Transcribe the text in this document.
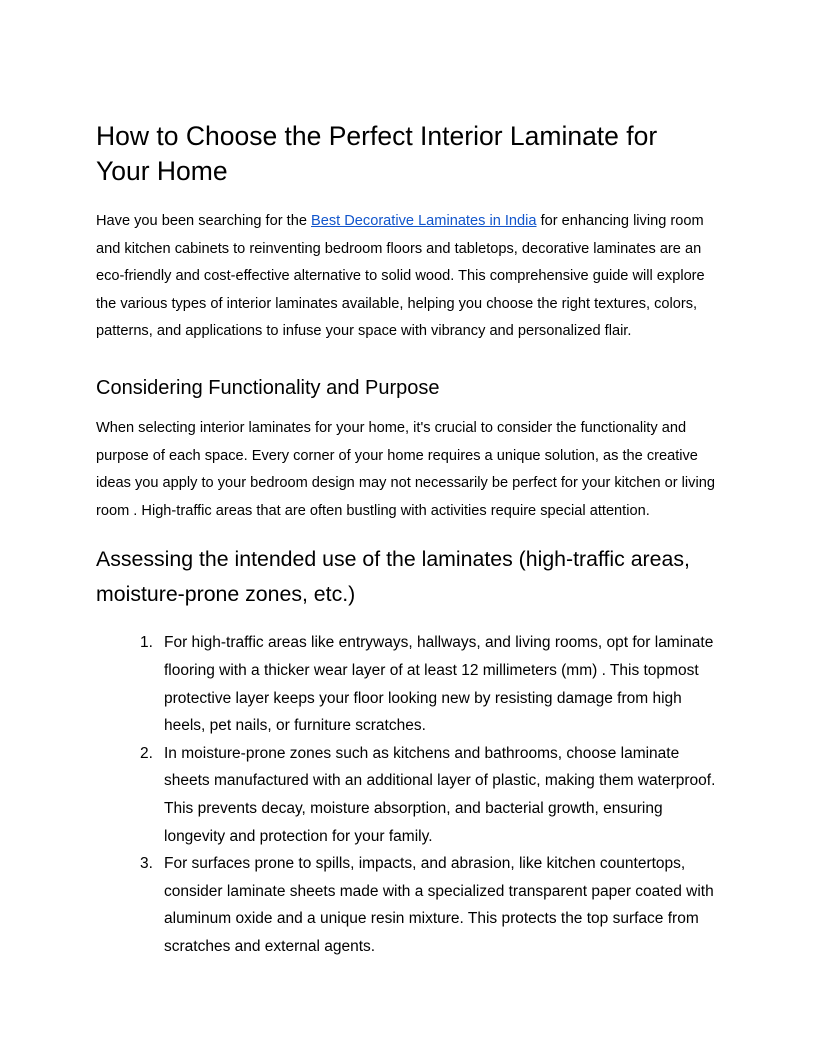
How to Choose the Perfect Interior Laminate for Your Home

Have you been searching for the Best Decorative Laminates in India for enhancing living room and kitchen cabinets to reinventing bedroom floors and tabletops, decorative laminates are an eco-friendly and cost-effective alternative to solid wood. This comprehensive guide will explore the various types of interior laminates available, helping you choose the right textures, colors, patterns, and applications to infuse your space with vibrancy and personalized flair.

Considering Functionality and Purpose

When selecting interior laminates for your home, it's crucial to consider the functionality and purpose of each space. Every corner of your home requires a unique solution, as the creative ideas you apply to your bedroom design may not necessarily be perfect for your kitchen or living room . High-traffic areas that are often bustling with activities require special attention.

Assessing the intended use of the laminates (high-traffic areas, moisture-prone zones, etc.)
1. For high-traffic areas like entryways, hallways, and living rooms, opt for laminate flooring with a thicker wear layer of at least 12 millimeters (mm) . This topmost protective layer keeps your floor looking new by resisting damage from high heels, pet nails, or furniture scratches.
2. In moisture-prone zones such as kitchens and bathrooms, choose laminate sheets manufactured with an additional layer of plastic, making them waterproof. This prevents decay, moisture absorption, and bacterial growth, ensuring longevity and protection for your family.
3. For surfaces prone to spills, impacts, and abrasion, like kitchen countertops, consider laminate sheets made with a specialized transparent paper coated with aluminum oxide and a unique resin mixture. This protects the top surface from scratches and external agents.
